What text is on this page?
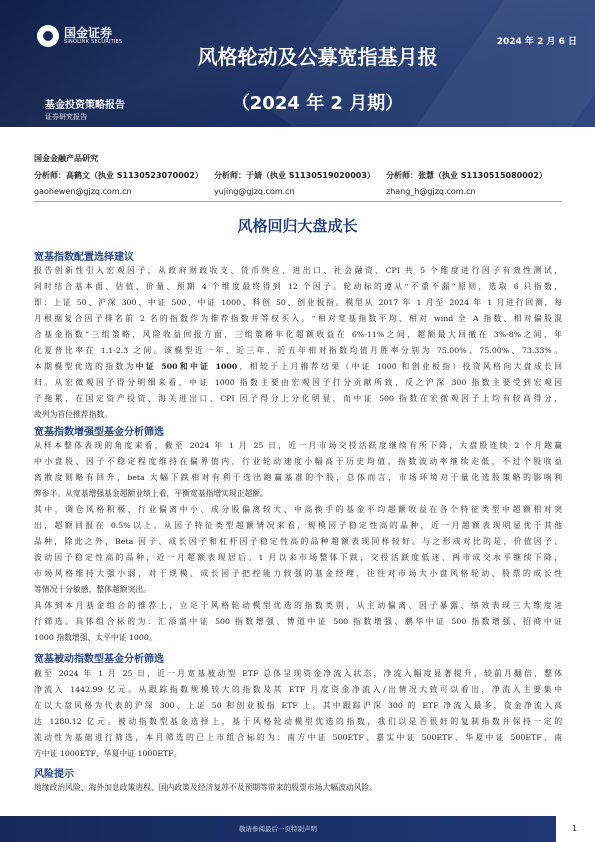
国金证券
SINOLINK SECURITIES	2024 年 2 月 6 日
风格轮动及公募宽指基月报
（2024 年 2 月期）
基金投资策略报告
证券研究报告
国金金融产品研究
分析师：高鹤文（执业 S1130523070002） 分析师：于婧（执业 S1130519020003） 分析师：张慧（执业 S1130515080002）
gaohewen@gjzq.com.cn	yujing@gjzq.com.cn	zhang_h@gjzq.com.cn
风格回归大盘成长
宽基指数配置选择建议
报告创新性引入宏观因子，从政府财政收支、货币供应、进出口、社会融资、CPI 共 5 个维度进行因子有效性测试，
同时结合基本面、估值、价量、预期 4 个维度最终得到 12 个因子。轮动标的遵从“不重不漏”原则，选取 6 只指数，
即：上证 50、沪深 300、中证 500、中证 1000、科创 50、创业板指。模型从 2017 年 1 月至 2024 年 1 月进行回测，每
月根据复合因子排名前 2 名的指数作为推荐指数并等权买入。“相对宽基指数平均、相对 wind 全 A 指数、相对偏股混
合基金指数”三组策略，风险收益回报方面，三组策略年化超额收益在 6%-11%之间，超额最大回撤在 3%-8%之间，年
化夏普比率在 1.1-2.3 之间。该模型近一年、近三年、近五年相对指数均值月胜率分别为 75.00%、75.00%、73.33%。
本期模型优选的指数为中证 500和中证 1000，相较于上月推荐结果（中证 1000 和创业板指）投资风格向大盘成长回
归。从宏微观因子得分明细来看，中证 1000 指数主要由宏观因子打分贡献所致，反之沪深 300 指数主要受到宏观因
子拖累，在国定资产投资、海关进出口、CPI 因子得分上分化明显，而中证 500 指数在宏微观因子上均有较高得分，
故列为首位推荐指数。
宽基指数增强型基金分析筛选
从样本整体表现的角度来看，截至 2024 年 1 月 25 日，近一月市场交投活跃度继续有所下降，大盘股连续 2 个月跑赢
中小盘股、因子不稳定程度维持在偏界值内，行业轮动速度小幅高于历史均值，指数波动率继续走低，不过个股收益
离散度则略有回升，beta 大幅下跌相对有利于选出跑赢基准的个股，总体而言，市场环境对于量化选股策略的影响利
弊参半。从宽基增强基金超额业绩上看，平衡宽基指增实现正超额。
其中，调仓风格积极、行业偏离中小、成分股偏离较大、中高换手的基金平均超额收益在各个特征类型中超额相对突
出，超额回报在 0.5%以上。从因子特征类型超额情况来看，规模因子稳定性高的品种，近一月超额表现明显优于其他
品种，除此之外，Beta 因子、成长因子和杠杆因子稳定性高的品种超额表现同样较好。与之形成对比的是，价值因子、
波动因子稳定性高的品种，近一月超额表现居后。1 月以来市场整体下跌，交投活跃度低迷，两市成交水平继续下降，
市场风格维持大强小弱，对于规模、成长因子把控能力较强的基金经理，往往对市场大小盘风格轮动、股票的成长性
等情况十分敏感，整体超额突出。
具体到本月基金组合的推荐上，立足于风格轮动模型优选的指数类别，从主动偏离、因子暴露、绩效表现三大维度进
行筛选。具体组合标的为：汇添富中证 500 指数增强、博道中证 500 指数增强、鹏华中证 500 指数增强、招商中证
1000 指数增强、太平中证 1000。
宽基被动指数型基金分析筛选
截至 2024 年 1 月 25 日，近一月宽基被动型 ETF 总体呈现资金净流入状态，净流入幅度显著提升，较前月翻倍，整体
净流入 1442.99 亿元。从跟踪指数规模较大的指数及其 ETF 月度资金净流入/出情况大致可以看出，净流入主要集中
在以大盘风格为代表的沪深 300、上证 50 和创业板指 ETF 上，其中跟踪沪深 300 的 ETF 净流入最多，资金净流入高
达 1280.12 亿元。被动指数型基金选择上，基于风格轮动模型优选的指数，我们以是否很好的复制指数并保持一定的
流动性为基础进行筛选，本月筛选的已上市组合标的为：南方中证 500ETF、嘉实中证 500ETF、华夏中证 500ETF、南
方中证 1000ETF、华夏中证 1000ETF。
风险提示
地缘政治风险、海外加息政策进程、国内政策及经济复苏不及预期等带来的股票市场大幅波动风险。
敬请参阅最后一页特别声明	1
